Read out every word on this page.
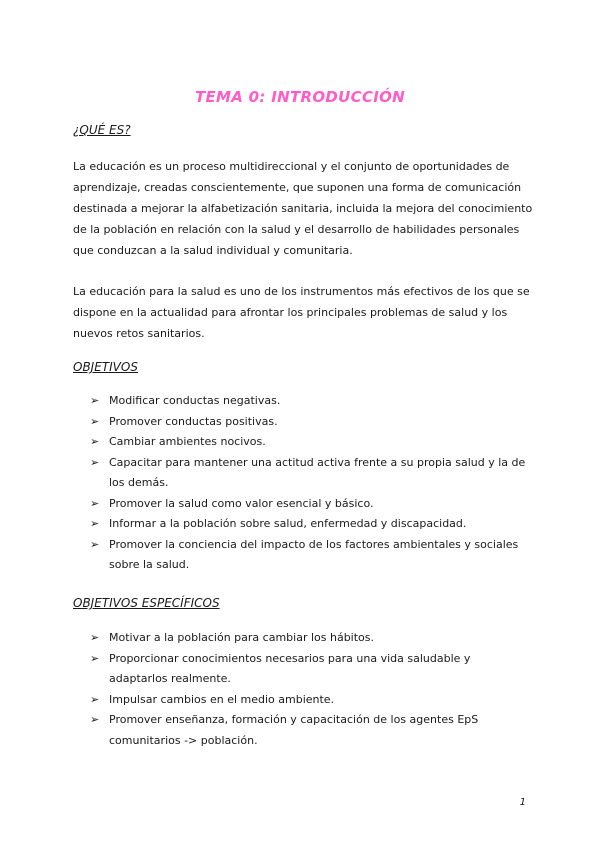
TEMA 0: INTRODUCCIÓN
¿QUÉ ES?

La educación es un proceso multidireccional y el conjunto de oportunidades de aprendizaje, creadas conscientemente, que suponen una forma de comunicación destinada a mejorar la alfabetización sanitaria, incluida la mejora del conocimiento de la población en relación con la salud y el desarrollo de habilidades personales que conduzcan a la salud individual y comunitaria.

La educación para la salud es uno de los instrumentos más efectivos de los que se dispone en la actualidad para afrontar los principales problemas de salud y los nuevos retos sanitarios.

OBJETIVOS
➢ Modificar conductas negativas.
➢ Promover conductas positivas.
➢ Cambiar ambientes nocivos.
➢ Capacitar para mantener una actitud activa frente a su propia salud y la de los demás.
➢ Promover la salud como valor esencial y básico.
➢ Informar a la población sobre salud, enfermedad y discapacidad.
➢ Promover la conciencia del impacto de los factores ambientales y sociales sobre la salud.
OBJETIVOS ESPECÍFICOS
➢ Motivar a la población para cambiar los hábitos.
➢ Proporcionar conocimientos necesarios para una vida saludable y adaptarlos realmente.
➢ Impulsar cambios en el medio ambiente.
➢ Promover enseñanza, formación y capacitación de los agentes EpS comunitarios -> población.
1
